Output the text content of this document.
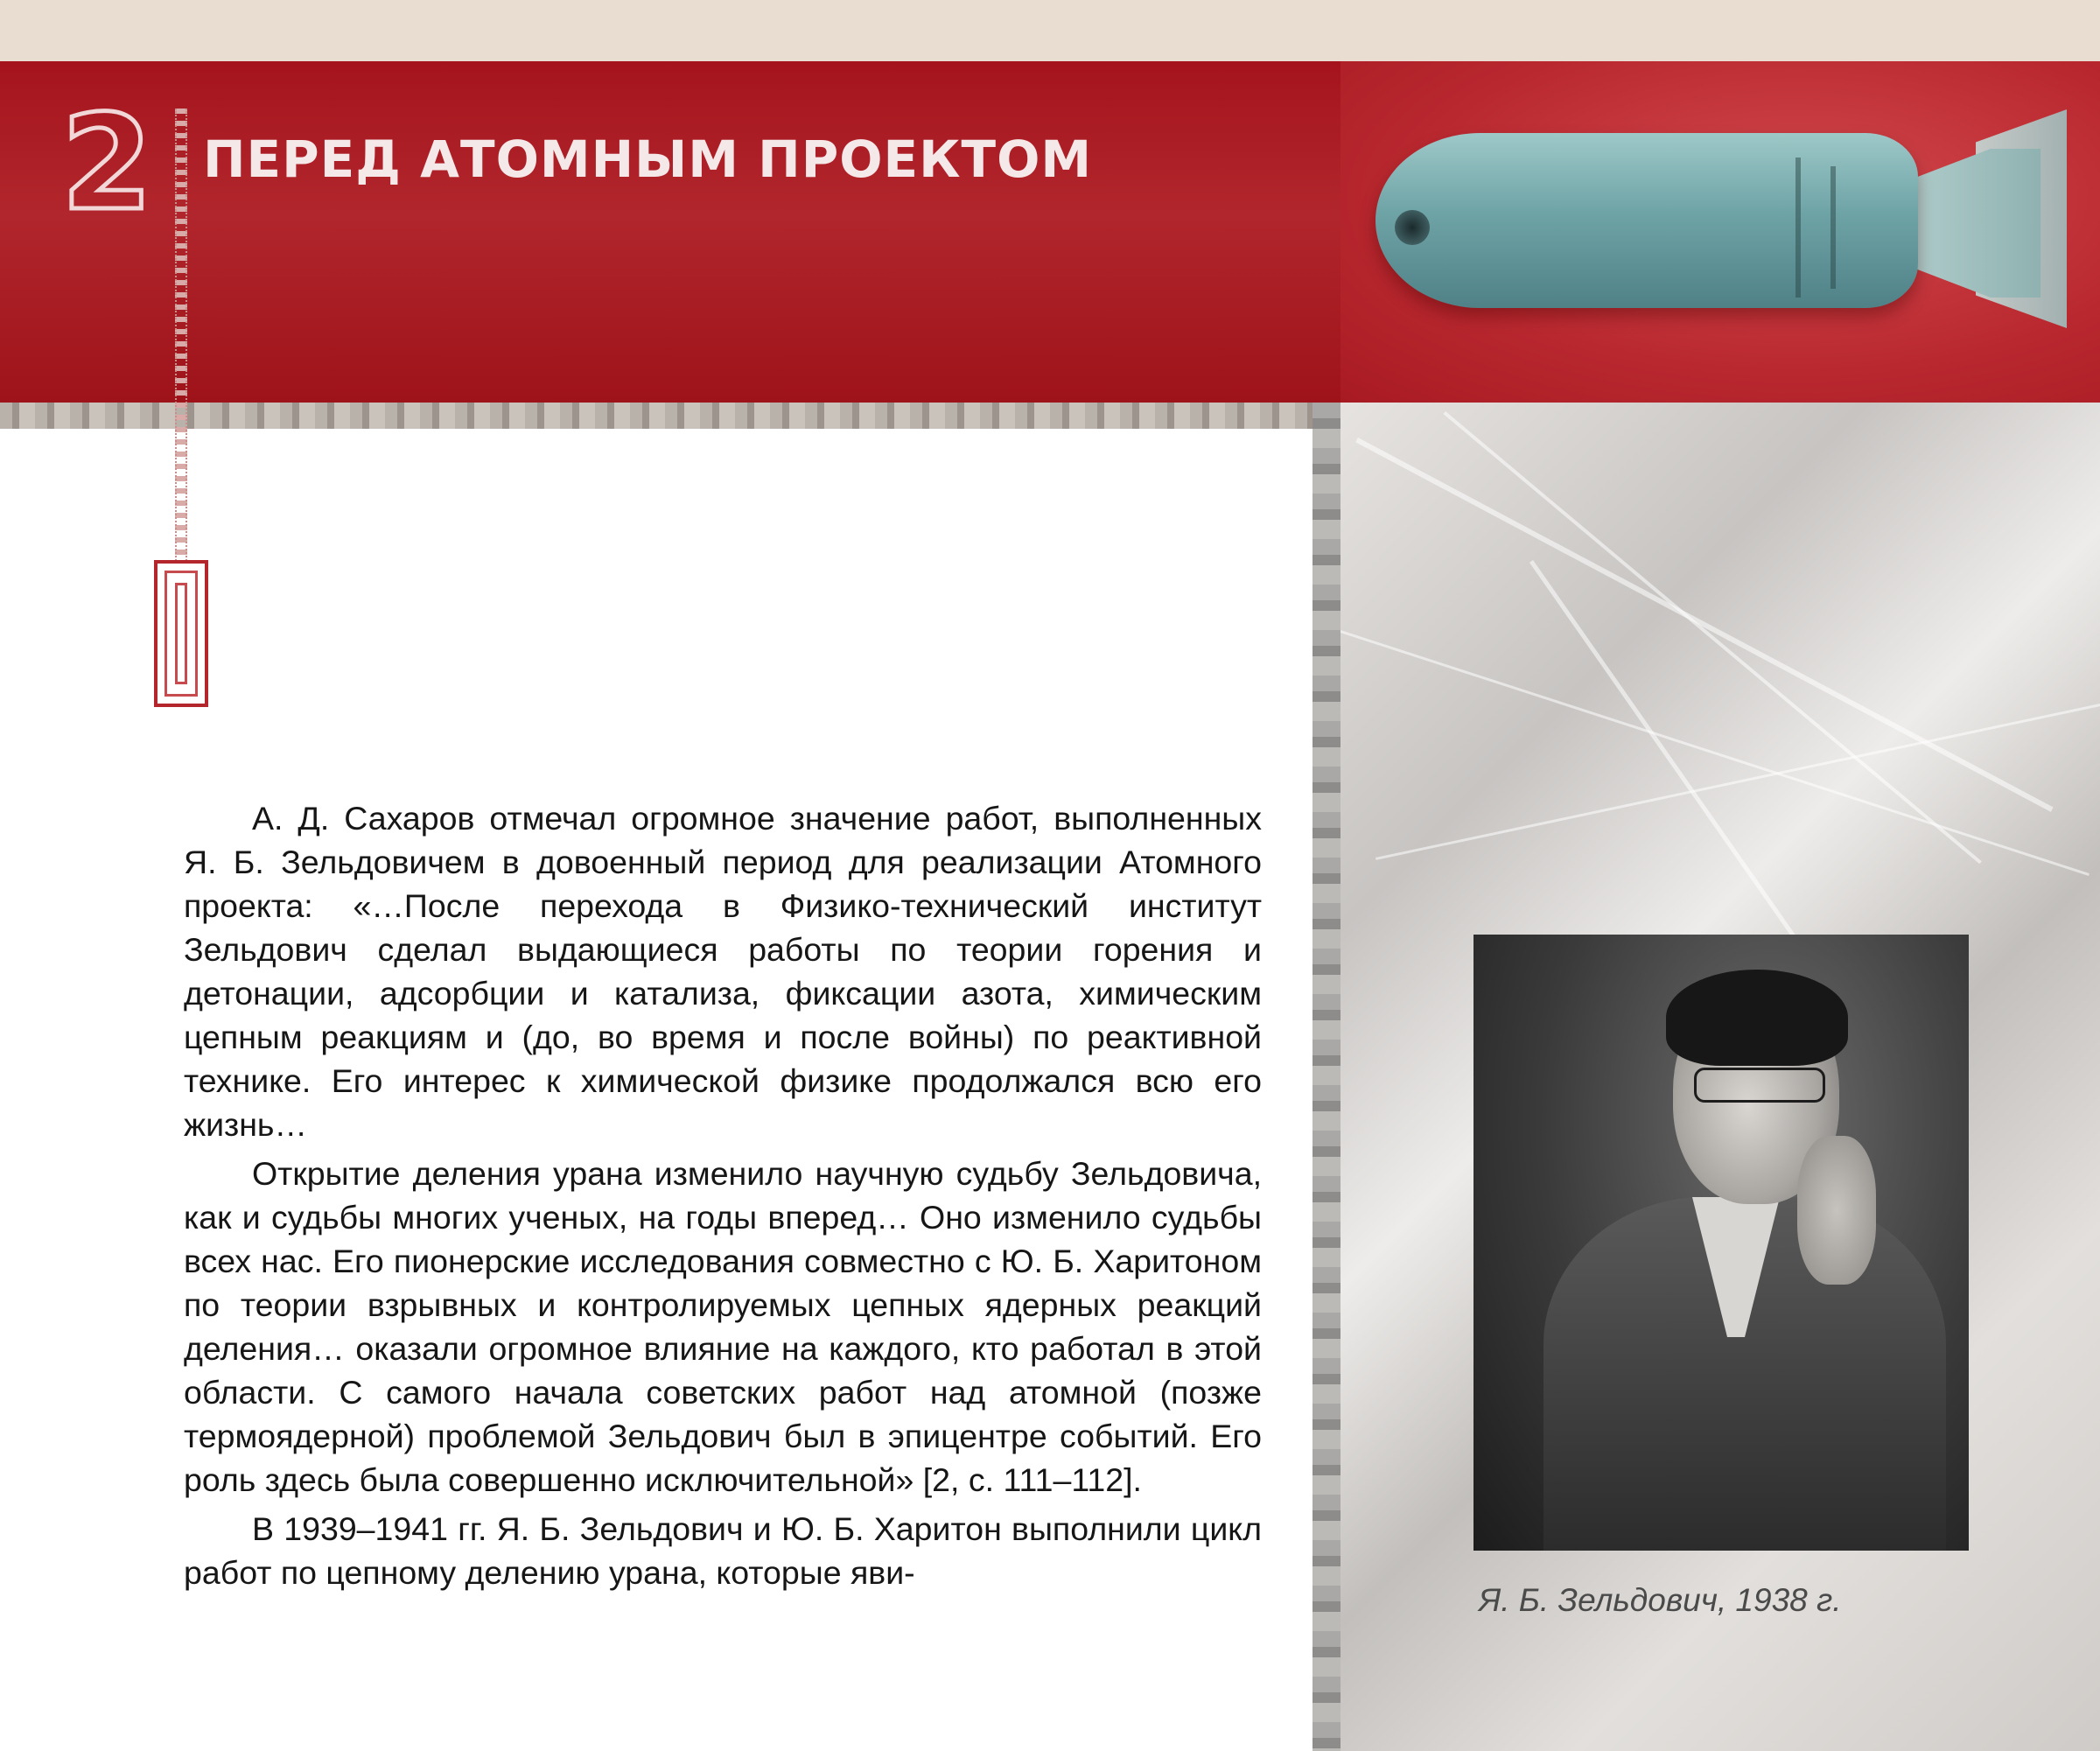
2 ПЕРЕД АТОМНЫМ ПРОЕКТОМ

А. Д. Сахаров отмечал огромное значение работ, выполненных Я. Б. Зельдовичем в довоенный период для реализации Атомного проекта: «…После перехода в Физико-технический институт Зельдович сделал выдающиеся работы по теории горения и детонации, адсорбции и катализа, фиксации азота, химическим цепным реакциям и (до, во время и после войны) по реактивной технике. Его интерес к химической физике продолжался всю его жизнь…

Открытие деления урана изменило научную судьбу Зельдовича, как и судьбы многих ученых, на годы вперед… Оно изменило судьбы всех нас. Его пионерские исследования совместно с Ю. Б. Харитоном по теории взрывных и контролируемых цепных ядерных реакций деления… оказали огромное влияние на каждого, кто работал в этой области. С самого начала советских работ над атомной (позже термоядерной) проблемой Зельдович был в эпицентре событий. Его роль здесь была совершенно исключительной» [2, с. 111–112].

В 1939–1941 гг. Я. Б. Зельдович и Ю. Б. Харитон выполнили цикл работ по цепному делению урана, которые яви-

Я. Б. Зельдович, 1938 г.
